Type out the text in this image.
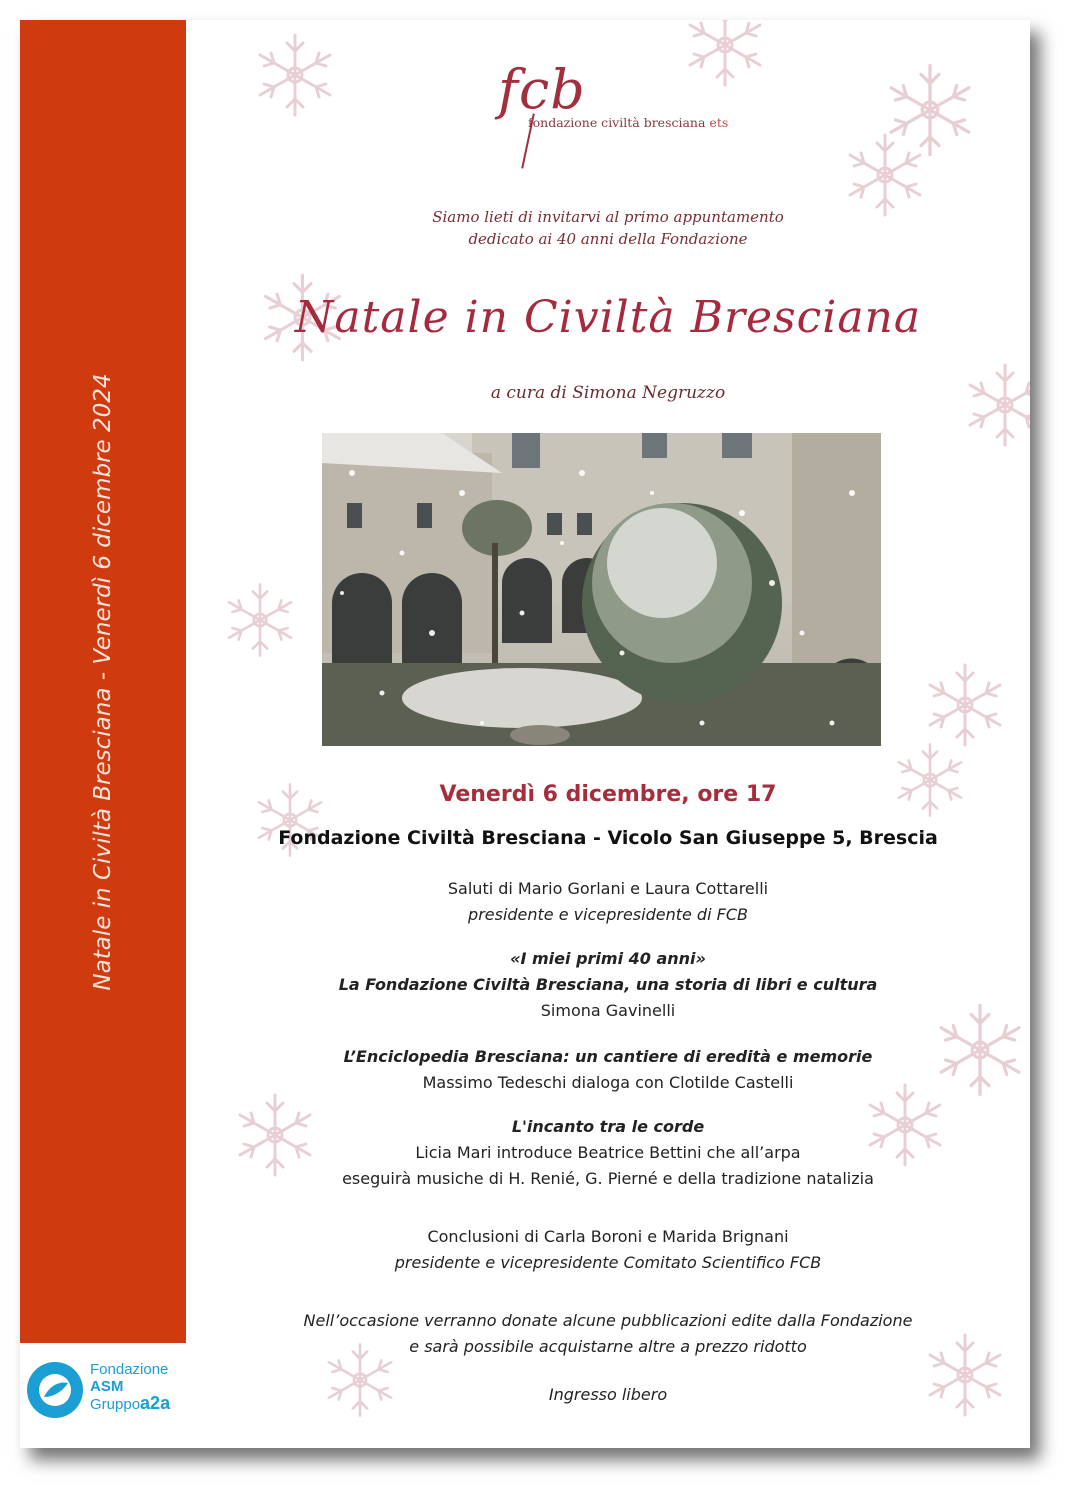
Natale in Civiltà Bresciana - Venerdì 6 dicembre 2024
Fondazione
ASM
Gruppoa2a
fcb
fondazione civiltà bresciana ets
Siamo lieti di invitarvi al primo appuntamento
dedicato ai 40 anni della Fondazione
Natale in Civiltà Bresciana
a cura di Simona Negruzzo
Venerdì 6 dicembre, ore 17
Fondazione Civiltà Bresciana - Vicolo San Giuseppe 5, Brescia
Saluti di Mario Gorlani e Laura Cottarelli
presidente e vicepresidente di FCB
«I miei primi 40 anni»
La Fondazione Civiltà Bresciana, una storia di libri e cultura
Simona Gavinelli
L’Enciclopedia Bresciana: un cantiere di eredità e memorie
Massimo Tedeschi dialoga con Clotilde Castelli
L'incanto tra le corde
Licia Mari introduce Beatrice Bettini che all’arpa
eseguirà musiche di H. Renié, G. Pierné e della tradizione natalizia
Conclusioni di Carla Boroni e Marida Brignani
presidente e vicepresidente Comitato Scientifico FCB
Nell’occasione verranno donate alcune pubblicazioni edite dalla Fondazione
e sarà possibile acquistarne altre a prezzo ridotto
Ingresso libero
